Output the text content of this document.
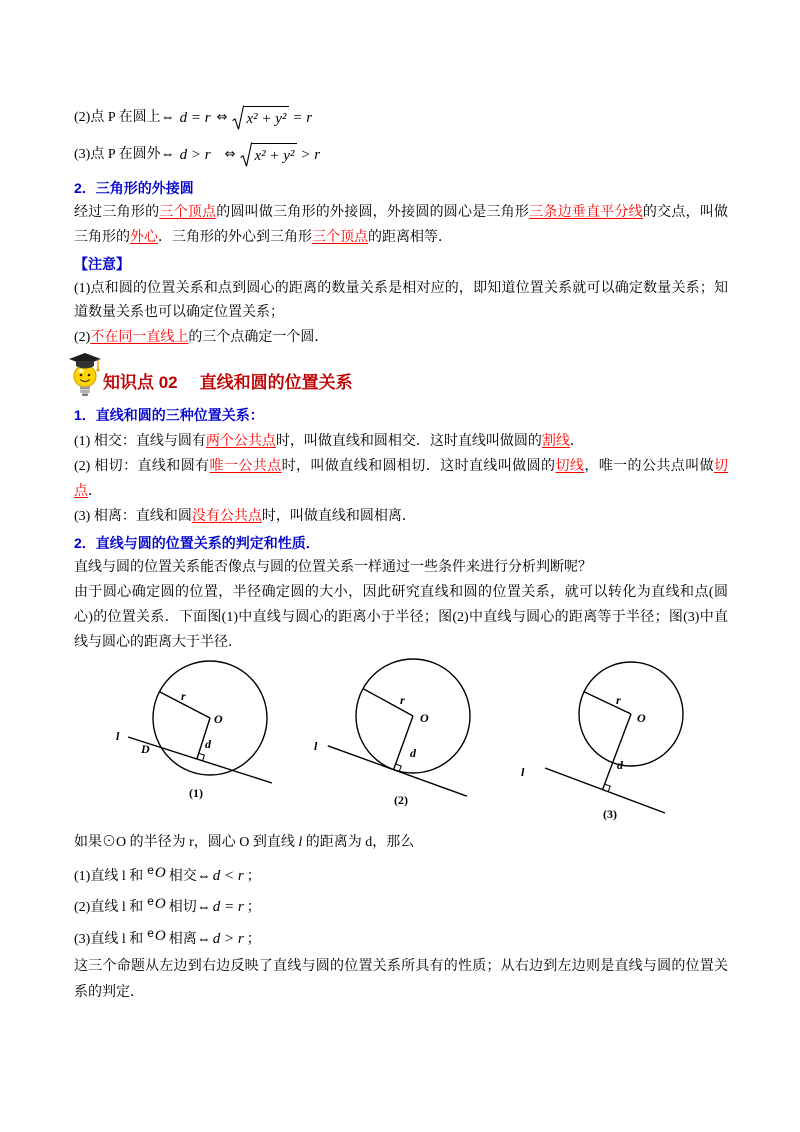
(2)点 P 在圆上⇔ d = r ⇔	x² + y² = r
(3)点 P 在圆外⇔ d > r ⇔	x² + y² > r
2．三角形的外接圆
经过三角形的三个顶点的圆叫做三角形的外接圆，外接圆的圆心是三角形三条边垂直平分线的交点，叫做
三角形的外心．三角形的外心到三角形三个顶点的距离相等．
【注意】
(1)点和圆的位置关系和点到圆心的距离的数量关系是相对应的，即知道位置关系就可以确定数量关系；知
道数量关系也可以确定位置关系；
(2)不在同一直线上的三个点确定一个圆．
知识点 02 直线和圆的位置关系
1．直线和圆的三种位置关系：
(1) 相交：直线与圆有两个公共点时，叫做直线和圆相交．这时直线叫做圆的割线．
(2) 相切：直线和圆有唯一公共点时，叫做直线和圆相切．这时直线叫做圆的切线，唯一的公共点叫做切
点．
(3) 相离：直线和圆没有公共点时，叫做直线和圆相离．
2．直线与圆的位置关系的判定和性质．
直线与圆的位置关系能否像点与圆的位置关系一样通过一些条件来进行分析判断呢？
由于圆心确定圆的位置，半径确定圆的大小，因此研究直线和圆的位置关系，就可以转化为直线和点(圆
心)的位置关系．下面图(1)中直线与圆心的距离小于半径；图(2)中直线与圆心的距离等于半径；图(3)中直
线与圆心的距离大于半径．
l
D
r
O
d
(1)
l
r
O
d
(2)
l
r
O
d
(3)
如果⊙O 的半径为 r，圆心 O 到直线 l 的距离为 d，那么
(1)直线 l 和 eO 相交⇔ d < r ；
(2)直线 l 和 eO 相切⇔ d = r ；
(3)直线 l 和 eO 相离⇔ d > r ；
这三个命题从左边到右边反映了直线与圆的位置关系所具有的性质；从右边到左边则是直线与圆的位置关
系的判定．
